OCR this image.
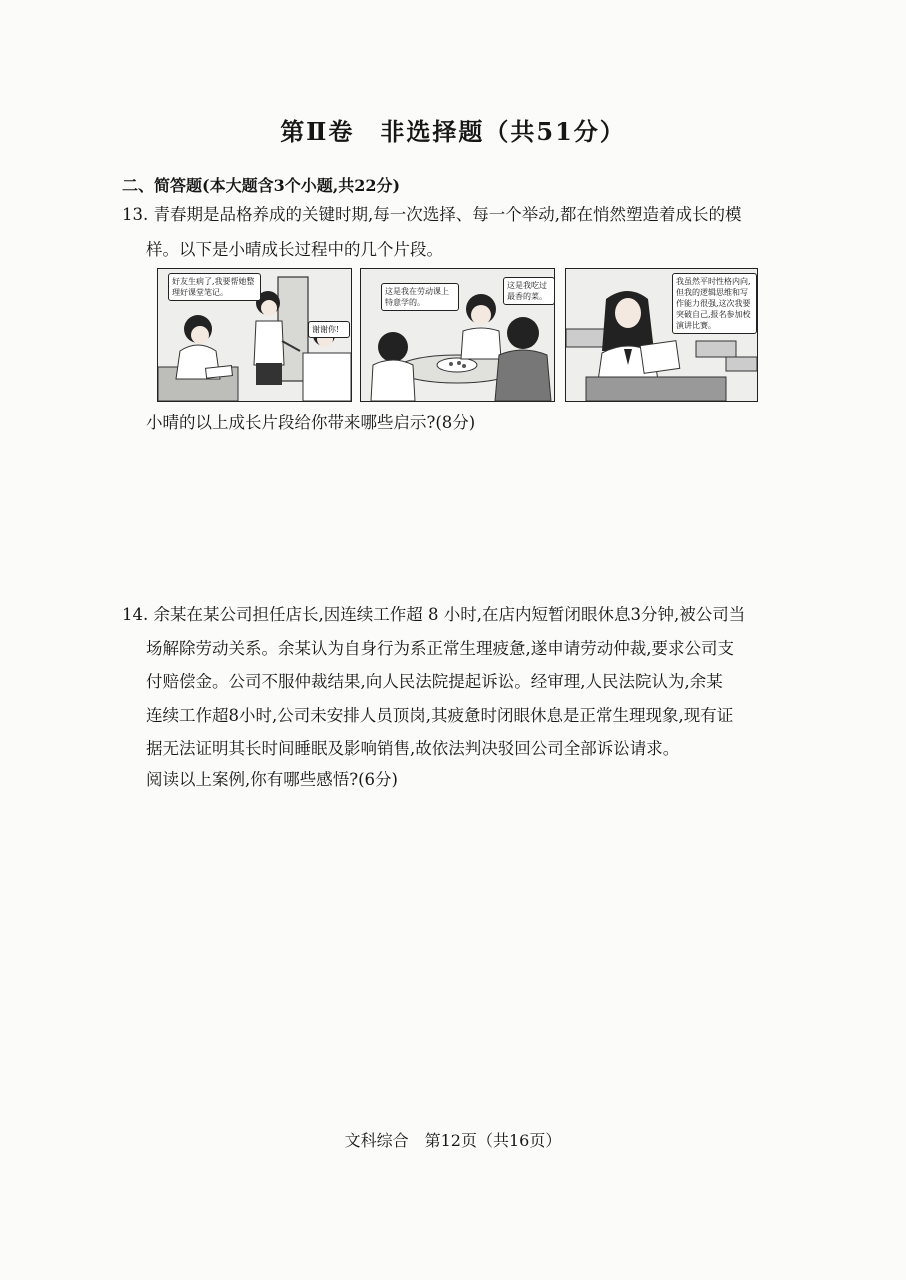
第Ⅱ卷　非选择题（共51分）
二、简答题(本大题含3个小题,共22分)
13. 青春期是品格养成的关键时期,每一次选择、每一个举动,都在悄然塑造着成长的模
样。以下是小晴成长过程中的几个片段。
好友生病了,我要帮她整理好课堂笔记。
谢谢你!
这是我在劳动课上特意学的。
这是我吃过最香的菜。
我虽然平时性格内向,但我的逻辑思维和写作能力很强,这次我要突破自己,报名参加校演讲比赛。
小晴的以上成长片段给你带来哪些启示?(8分)

14. 余某在某公司担任店长,因连续工作超 8 小时,在店内短暂闭眼休息3分钟,被公司当

场解除劳动关系。余某认为自身行为系正常生理疲惫,遂申请劳动仲裁,要求公司支

付赔偿金。公司不服仲裁结果,向人民法院提起诉讼。经审理,人民法院认为,余某

连续工作超8小时,公司未安排人员顶岗,其疲惫时闭眼休息是正常生理现象,现有证

据无法证明其长时间睡眠及影响销售,故依法判决驳回公司全部诉讼请求。

阅读以上案例,你有哪些感悟?(6分)
文科综合　第12页（共16页）
